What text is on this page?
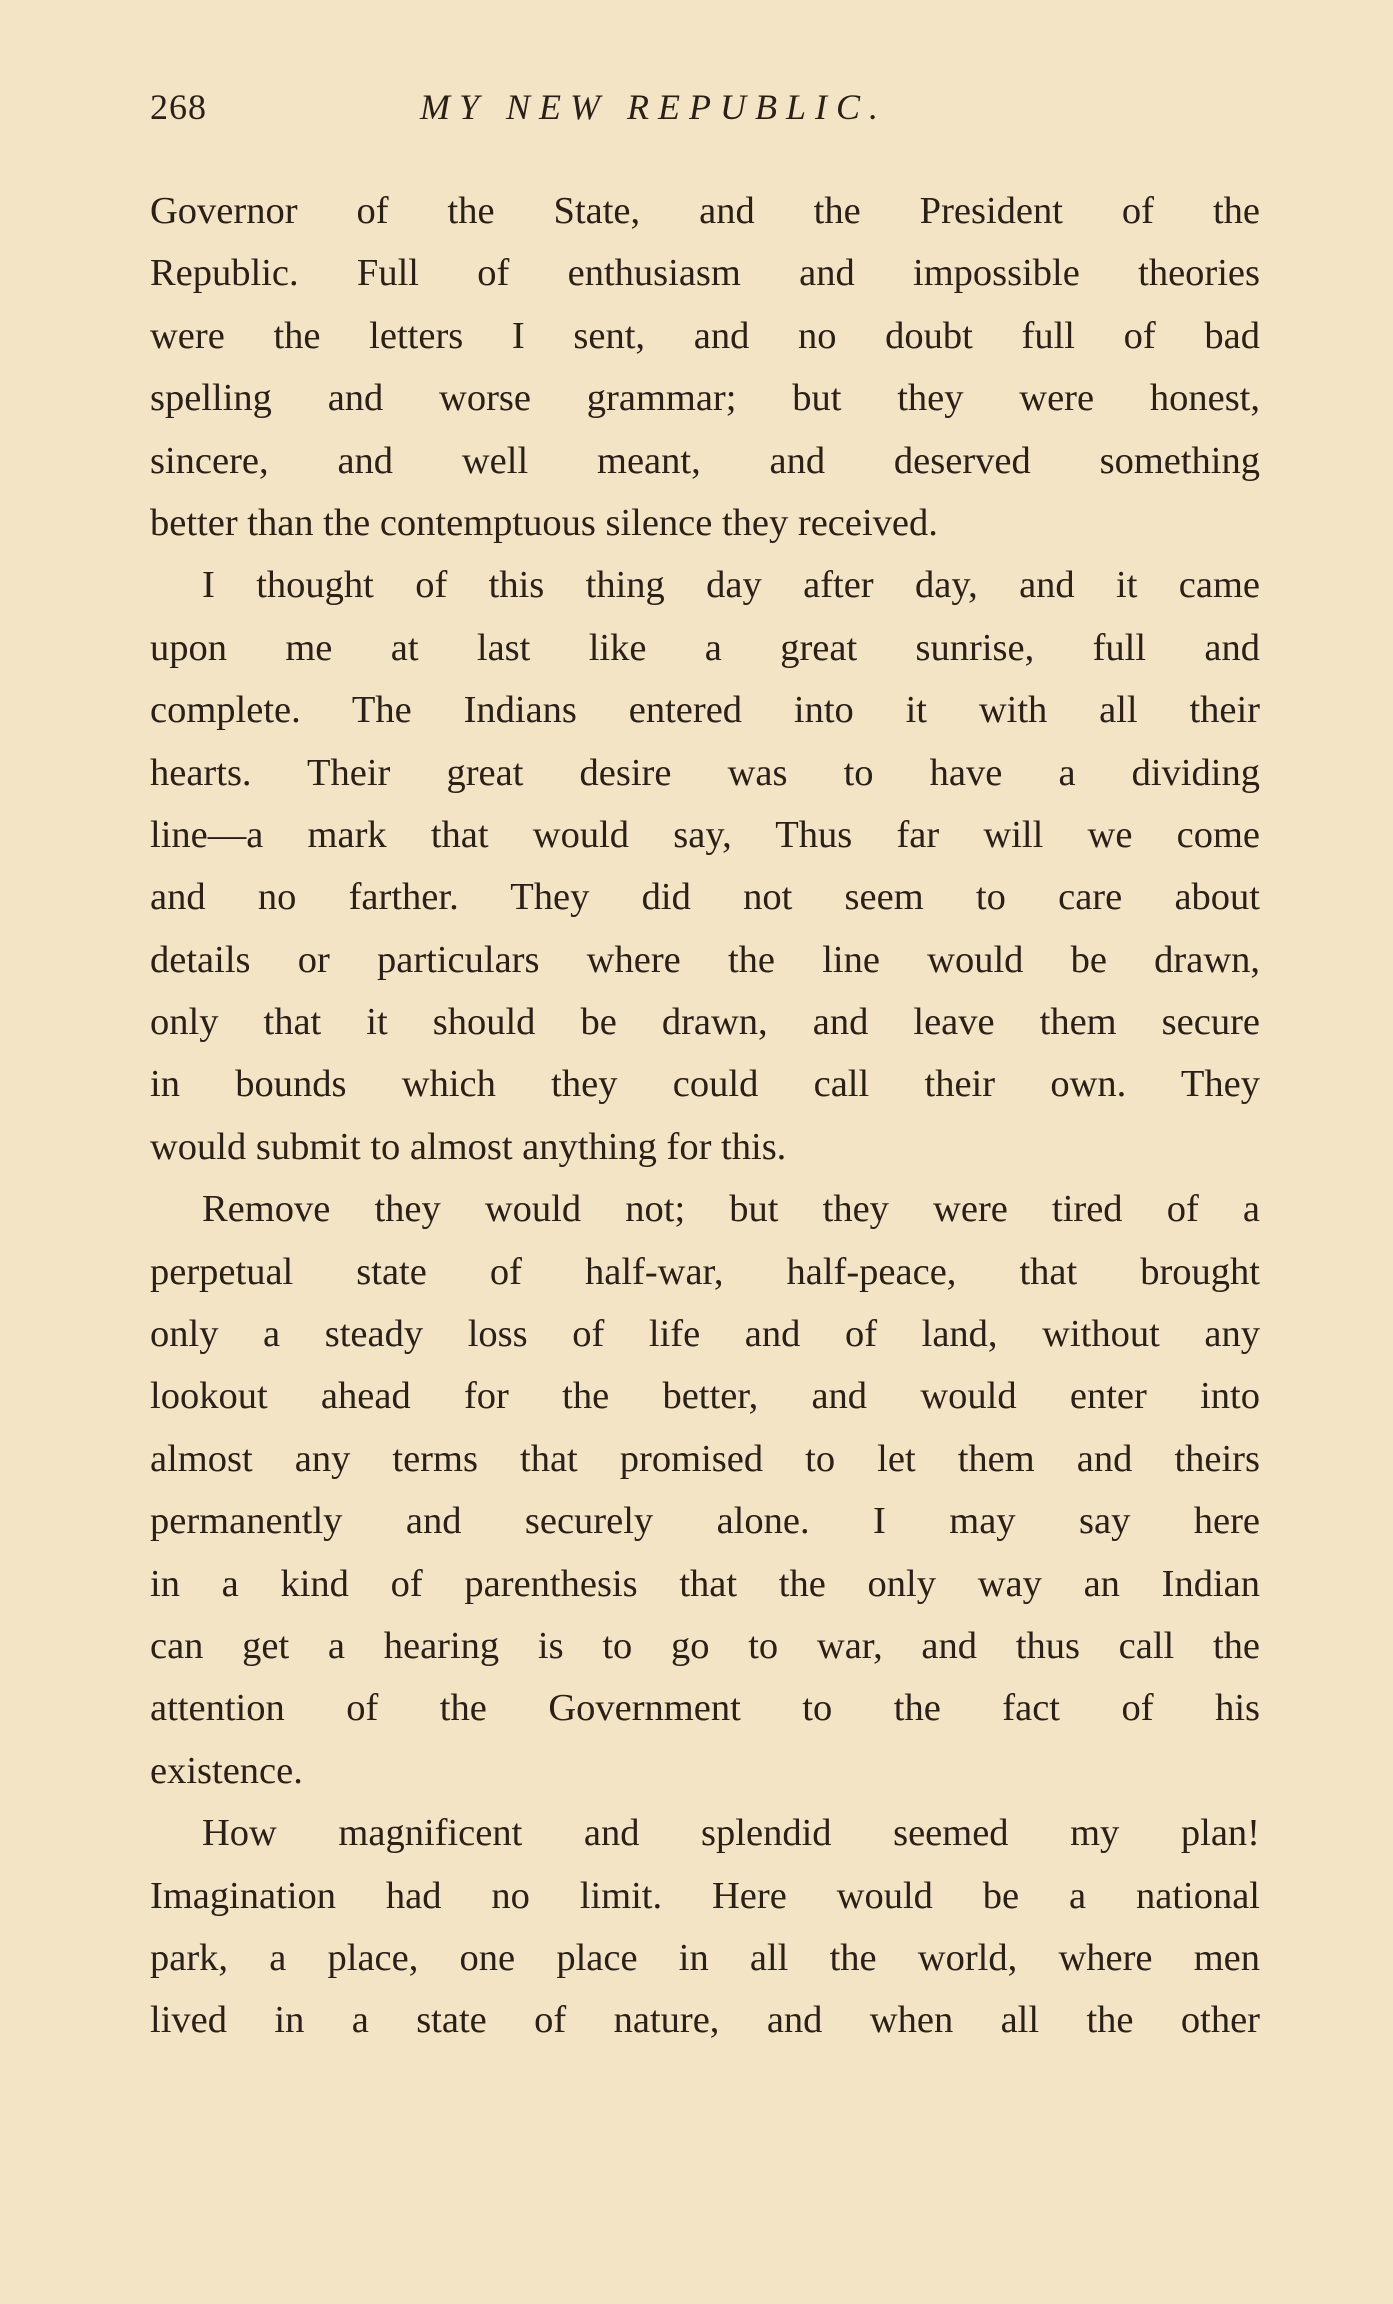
268	MY NEW REPUBLIC.
Governor of the State, and the President of the
Republic. Full of enthusiasm and impossible theories
were the letters I sent, and no doubt full of bad
spelling and worse grammar; but they were honest,
sincere, and well meant, and deserved something
better than the contemptuous silence they received.
I thought of this thing day after day, and it came
upon me at last like a great sunrise, full and
complete. The Indians entered into it with all their
hearts. Their great desire was to have a dividing
line—a mark that would say, Thus far will we come
and no farther. They did not seem to care about
details or particulars where the line would be drawn,
only that it should be drawn, and leave them secure
in bounds which they could call their own. They
would submit to almost anything for this.
Remove they would not; but they were tired of a
perpetual state of half-war, half-peace, that brought
only a steady loss of life and of land, without any
lookout ahead for the better, and would enter into
almost any terms that promised to let them and theirs
permanently and securely alone. I may say here
in a kind of parenthesis that the only way an Indian
can get a hearing is to go to war, and thus call the
attention of the Government to the fact of his
existence.
How magnificent and splendid seemed my plan!
Imagination had no limit. Here would be a national
park, a place, one place in all the world, where men
lived in a state of nature, and when all the other
